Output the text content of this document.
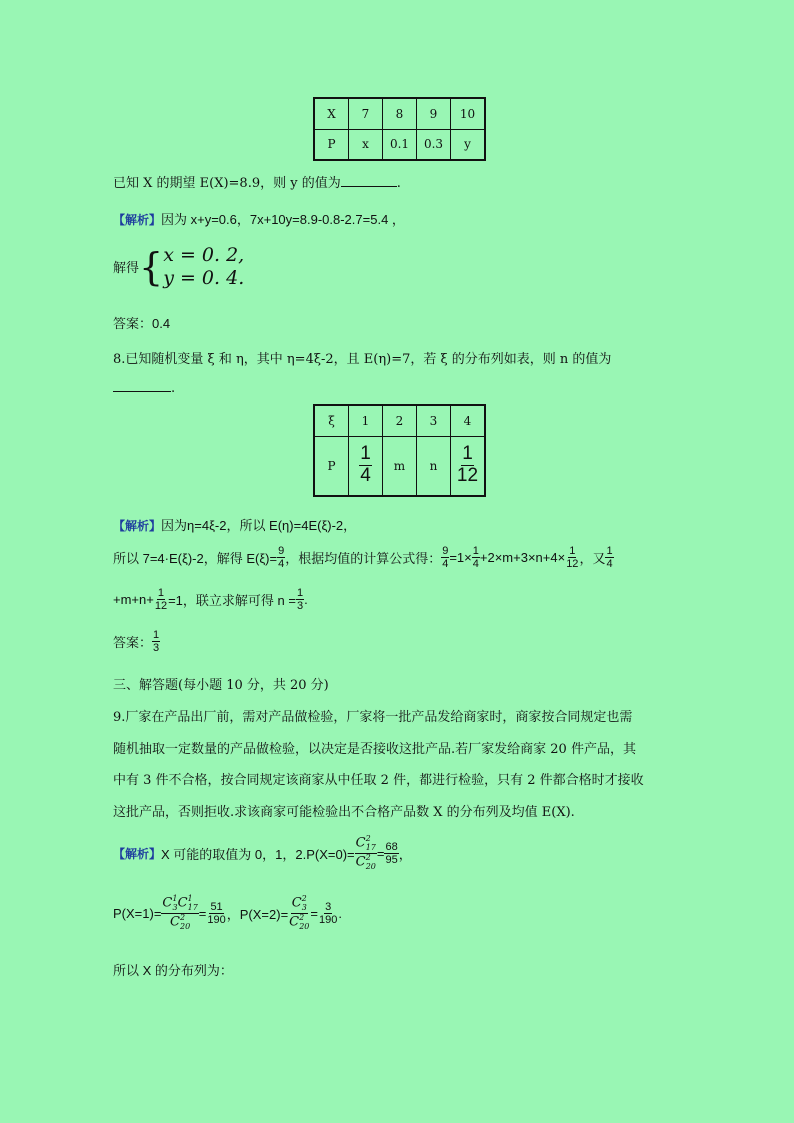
X	7	8	9	10
P	x	0.1	0.3	y
已知 X 的期望 E(X)=8.9，则 y 的值为	.
【解析】因为 x+y=0.6，7x+10y=8.9-0.8-2.7=5.4 ，
解得 { x = 0. 2,
y = 0. 4.
答案：0.4
8.已知随机变量 ξ 和 η，其中 η=4ξ-2，且 E(η)=7，若 ξ 的分布列如表，则 n 的值为
.
ξ	1	2	3	4
P	$\frac{1}{4}$	m	n	$\frac{1}{12}$
【解析】因为η=4ξ-2，所以 E(η)=4E(ξ)-2，
所以 7=4·E(ξ)-2，解得 $E(\xi)= \frac{9}{4}$ ，根据均值的计算公式得： $\frac{9}{4} =1\times \frac{1}{4} +2\times m+3\times n+4\times \frac{1}{12}$ ，又 $\frac{1}{4}$
$+m+n+ \frac{1}{12} =1$，联立求解可得 $n = \frac{1}{3}$ .
答案： $\frac{1}{3}$
三、解答题(每小题 10 分，共 20 分)
9.厂家在产品出厂前，需对产品做检验，厂家将一批产品发给商家时，商家按合同规定也需
随机抽取一定数量的产品做检验，以决定是否接收这批产品.若厂家发给商家 20 件产品，其
中有 3 件不合格，按合同规定该商家从中任取 2 件，都进行检验，只有 2 件都合格时才接收
这批产品，否则拒收.求该商家可能检验出不合格产品数 X 的分布列及均值 E(X).
【解析】 X 可能的取值为 0，1，$2.P(X=0)= \frac{C^2_{17}}{C^2_{20}} = \frac{68}{95}$ ，
$P(X=1)= \frac{C^1_3C^1_{17}}{C^2_{20}} = \frac{51}{190}$ ，$P(X=2)= \frac{C^2_3}{C^2_{20}} = \frac{3}{190}$ .
所以 X 的分布列为：
